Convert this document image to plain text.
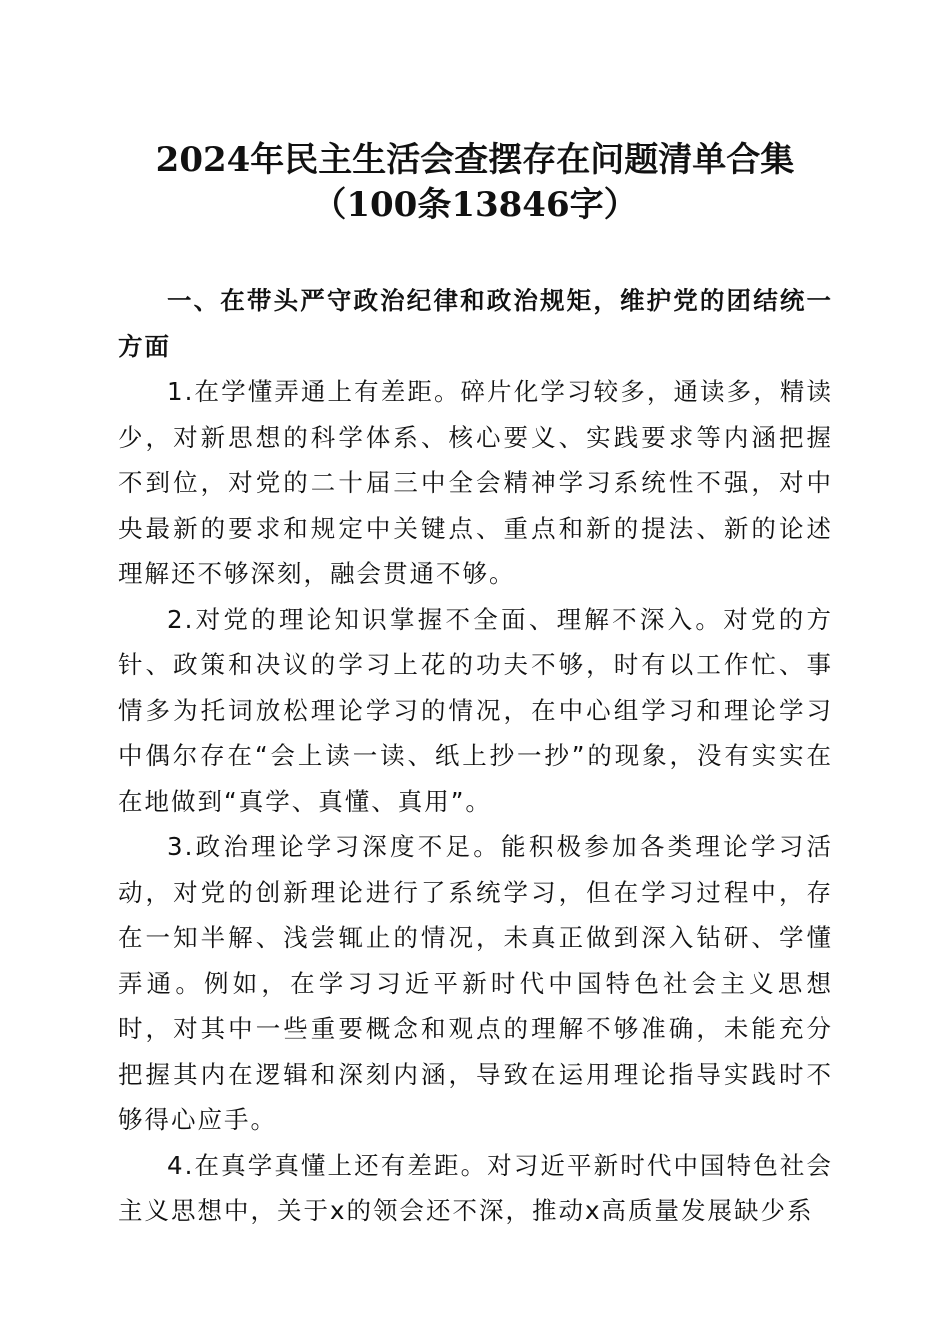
2024年民主生活会查摆存在问题清单合集
（100条13846字）

一、在带头严守政治纪律和政治规矩，维护党的团结统一方面

1.在学懂弄通上有差距。碎片化学习较多，通读多，精读少，对新思想的科学体系、核心要义、实践要求等内涵把握不到位，对党的二十届三中全会精神学习系统性不强，对中央最新的要求和规定中关键点、重点和新的提法、新的论述理解还不够深刻，融会贯通不够。

2.对党的理论知识掌握不全面、理解不深入。对党的方针、政策和决议的学习上花的功夫不够，时有以工作忙、事情多为托词放松理论学习的情况，在中心组学习和理论学习中偶尔存在“会上读一读、纸上抄一抄”的现象，没有实实在在地做到“真学、真懂、真用”。

3.政治理论学习深度不足。能积极参加各类理论学习活动，对党的创新理论进行了系统学习，但在学习过程中，存在一知半解、浅尝辄止的情况，未真正做到深入钻研、学懂弄通。例如，在学习习近平新时代中国特色社会主义思想时，对其中一些重要概念和观点的理解不够准确，未能充分把握其内在逻辑和深刻内涵，导致在运用理论指导实践时不够得心应手。

4.在真学真懂上还有差距。对习近平新时代中国特色社会主义思想中，关于x的领会还不深，推动x高质量发展缺少系
